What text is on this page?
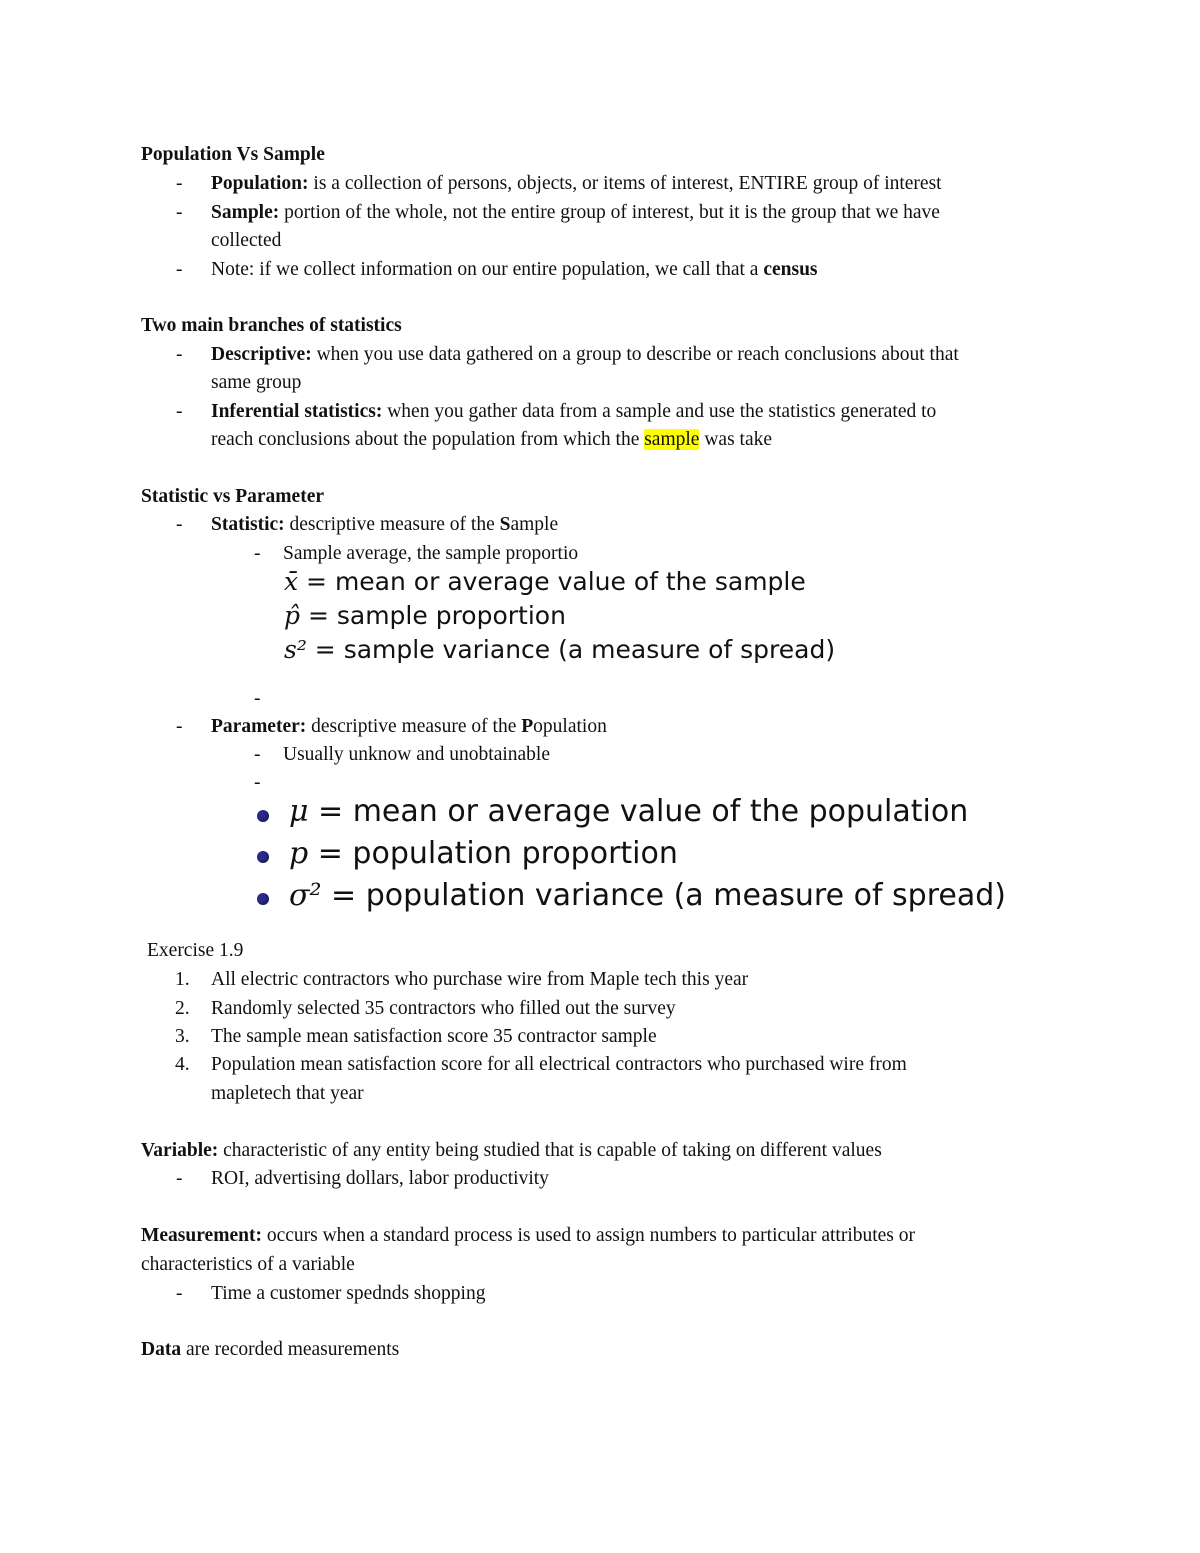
Population Vs Sample
- Population: is a collection of persons, objects, or items of interest, ENTIRE group of interest
- Sample: portion of the whole, not the entire group of interest, but it is the group that we have
collected
- Note: if we collect information on our entire population, we call that a census
Two main branches of statistics
- Descriptive: when you use data gathered on a group to describe or reach conclusions about that
same group
- Inferential statistics: when you gather data from a sample and use the statistics generated to
reach conclusions about the population from which the sample was take
Statistic vs Parameter
- Statistic: descriptive measure of the Sample
- Sample average, the sample proportio
x̄ = mean or average value of the sample
p̂ = sample proportion
s² = sample variance (a measure of spread)
-
- Parameter: descriptive measure of the Population
- Usually unknow and unobtainable
-
μ = mean or average value of the population
p = population proportion
σ² = population variance (a measure of spread)
Exercise 1.9
1. All electric contractors who purchase wire from Maple tech this year
2. Randomly selected 35 contractors who filled out the survey
3. The sample mean satisfaction score 35 contractor sample
4. Population mean satisfaction score for all electrical contractors who purchased wire from
mapletech that year
Variable: characteristic of any entity being studied that is capable of taking on different values
- ROI, advertising dollars, labor productivity
Measurement: occurs when a standard process is used to assign numbers to particular attributes or
characteristics of a variable
- Time a customer spednds shopping
Data are recorded measurements
